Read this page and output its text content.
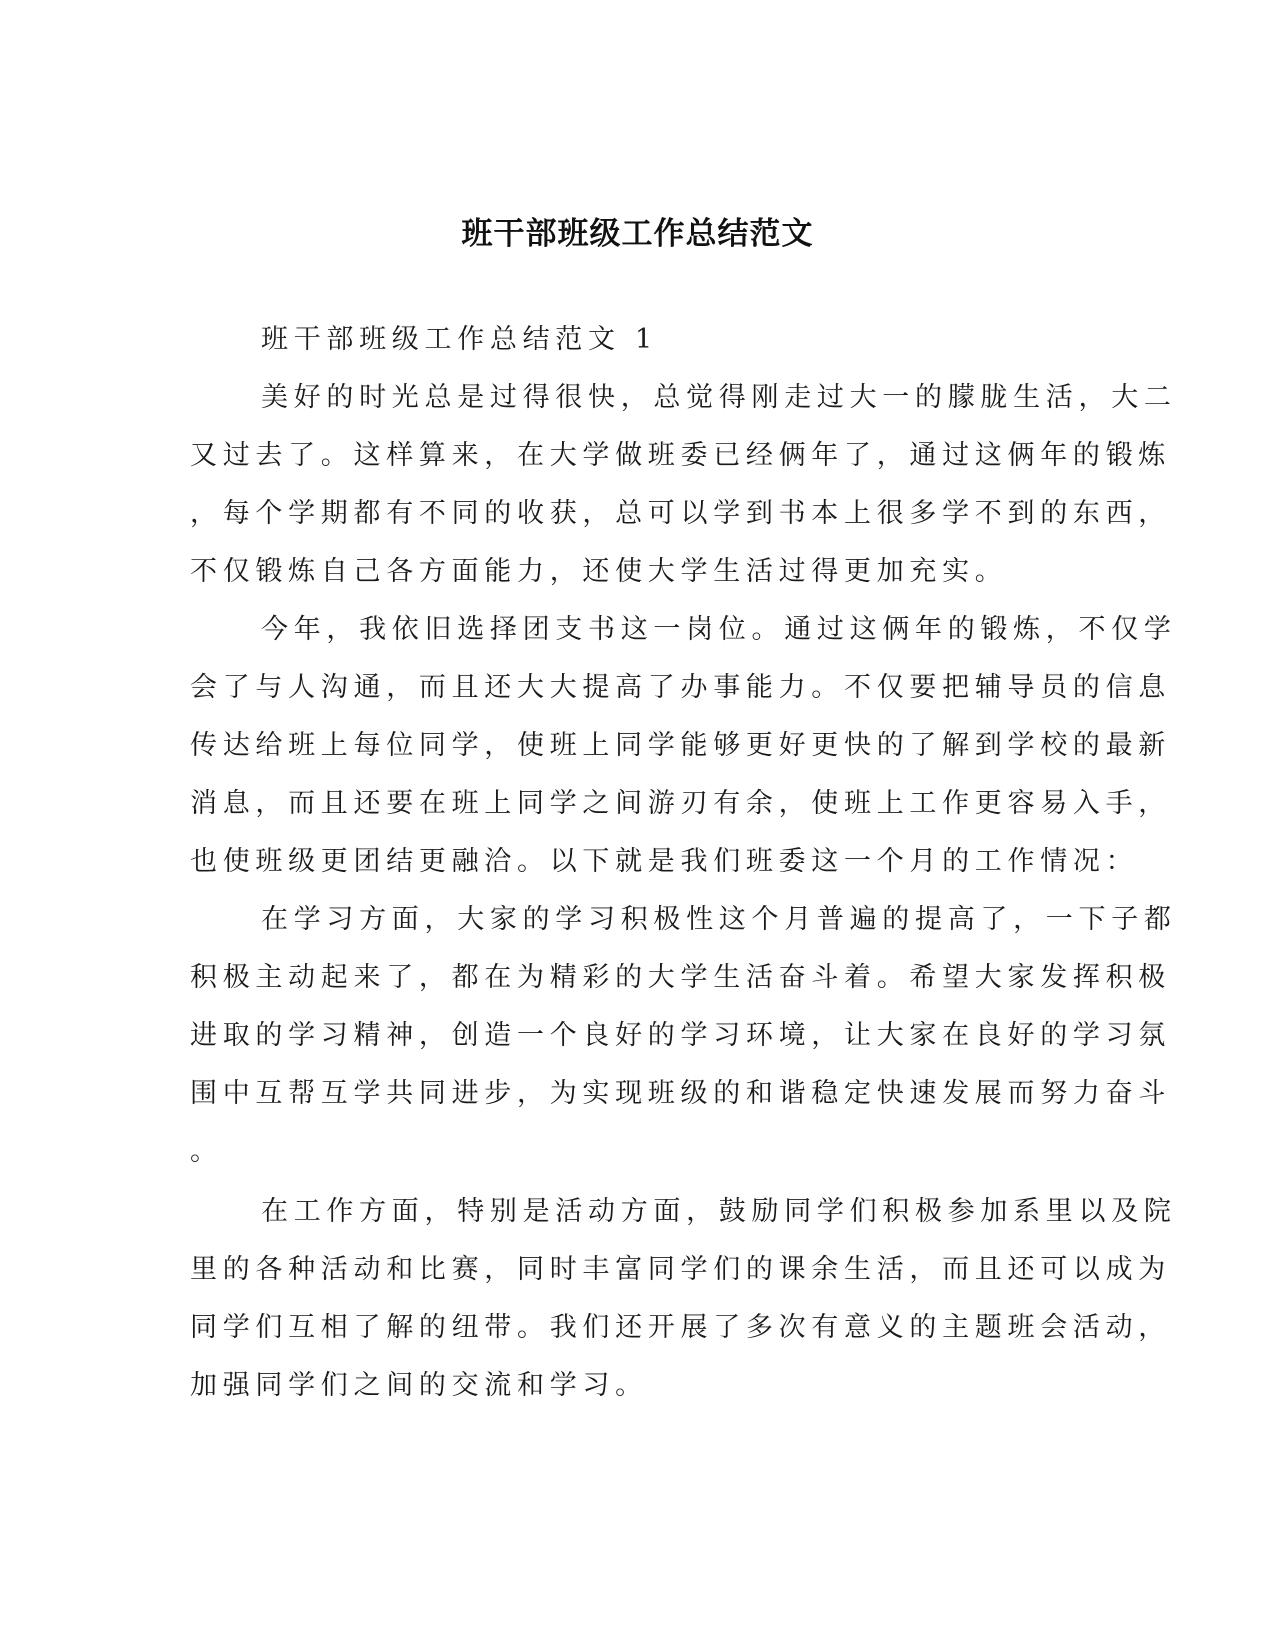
班干部班级工作总结范文

班干部班级工作总结范文 1

美好的时光总是过得很快，总觉得刚走过大一的朦胧生活，大二

又过去了。这样算来，在大学做班委已经俩年了，通过这俩年的锻炼

，每个学期都有不同的收获，总可以学到书本上很多学不到的东西，

不仅锻炼自己各方面能力，还使大学生活过得更加充实。

今年，我依旧选择团支书这一岗位。通过这俩年的锻炼，不仅学

会了与人沟通，而且还大大提高了办事能力。不仅要把辅导员的信息

传达给班上每位同学，使班上同学能够更好更快的了解到学校的最新

消息，而且还要在班上同学之间游刃有余，使班上工作更容易入手，

也使班级更团结更融洽。以下就是我们班委这一个月的工作情况：

在学习方面，大家的学习积极性这个月普遍的提高了，一下子都

积极主动起来了，都在为精彩的大学生活奋斗着。希望大家发挥积极

进取的学习精神，创造一个良好的学习环境，让大家在良好的学习氛

围中互帮互学共同进步，为实现班级的和谐稳定快速发展而努力奋斗

。

在工作方面，特别是活动方面，鼓励同学们积极参加系里以及院

里的各种活动和比赛，同时丰富同学们的课余生活，而且还可以成为

同学们互相了解的纽带。我们还开展了多次有意义的主题班会活动，

加强同学们之间的交流和学习。
